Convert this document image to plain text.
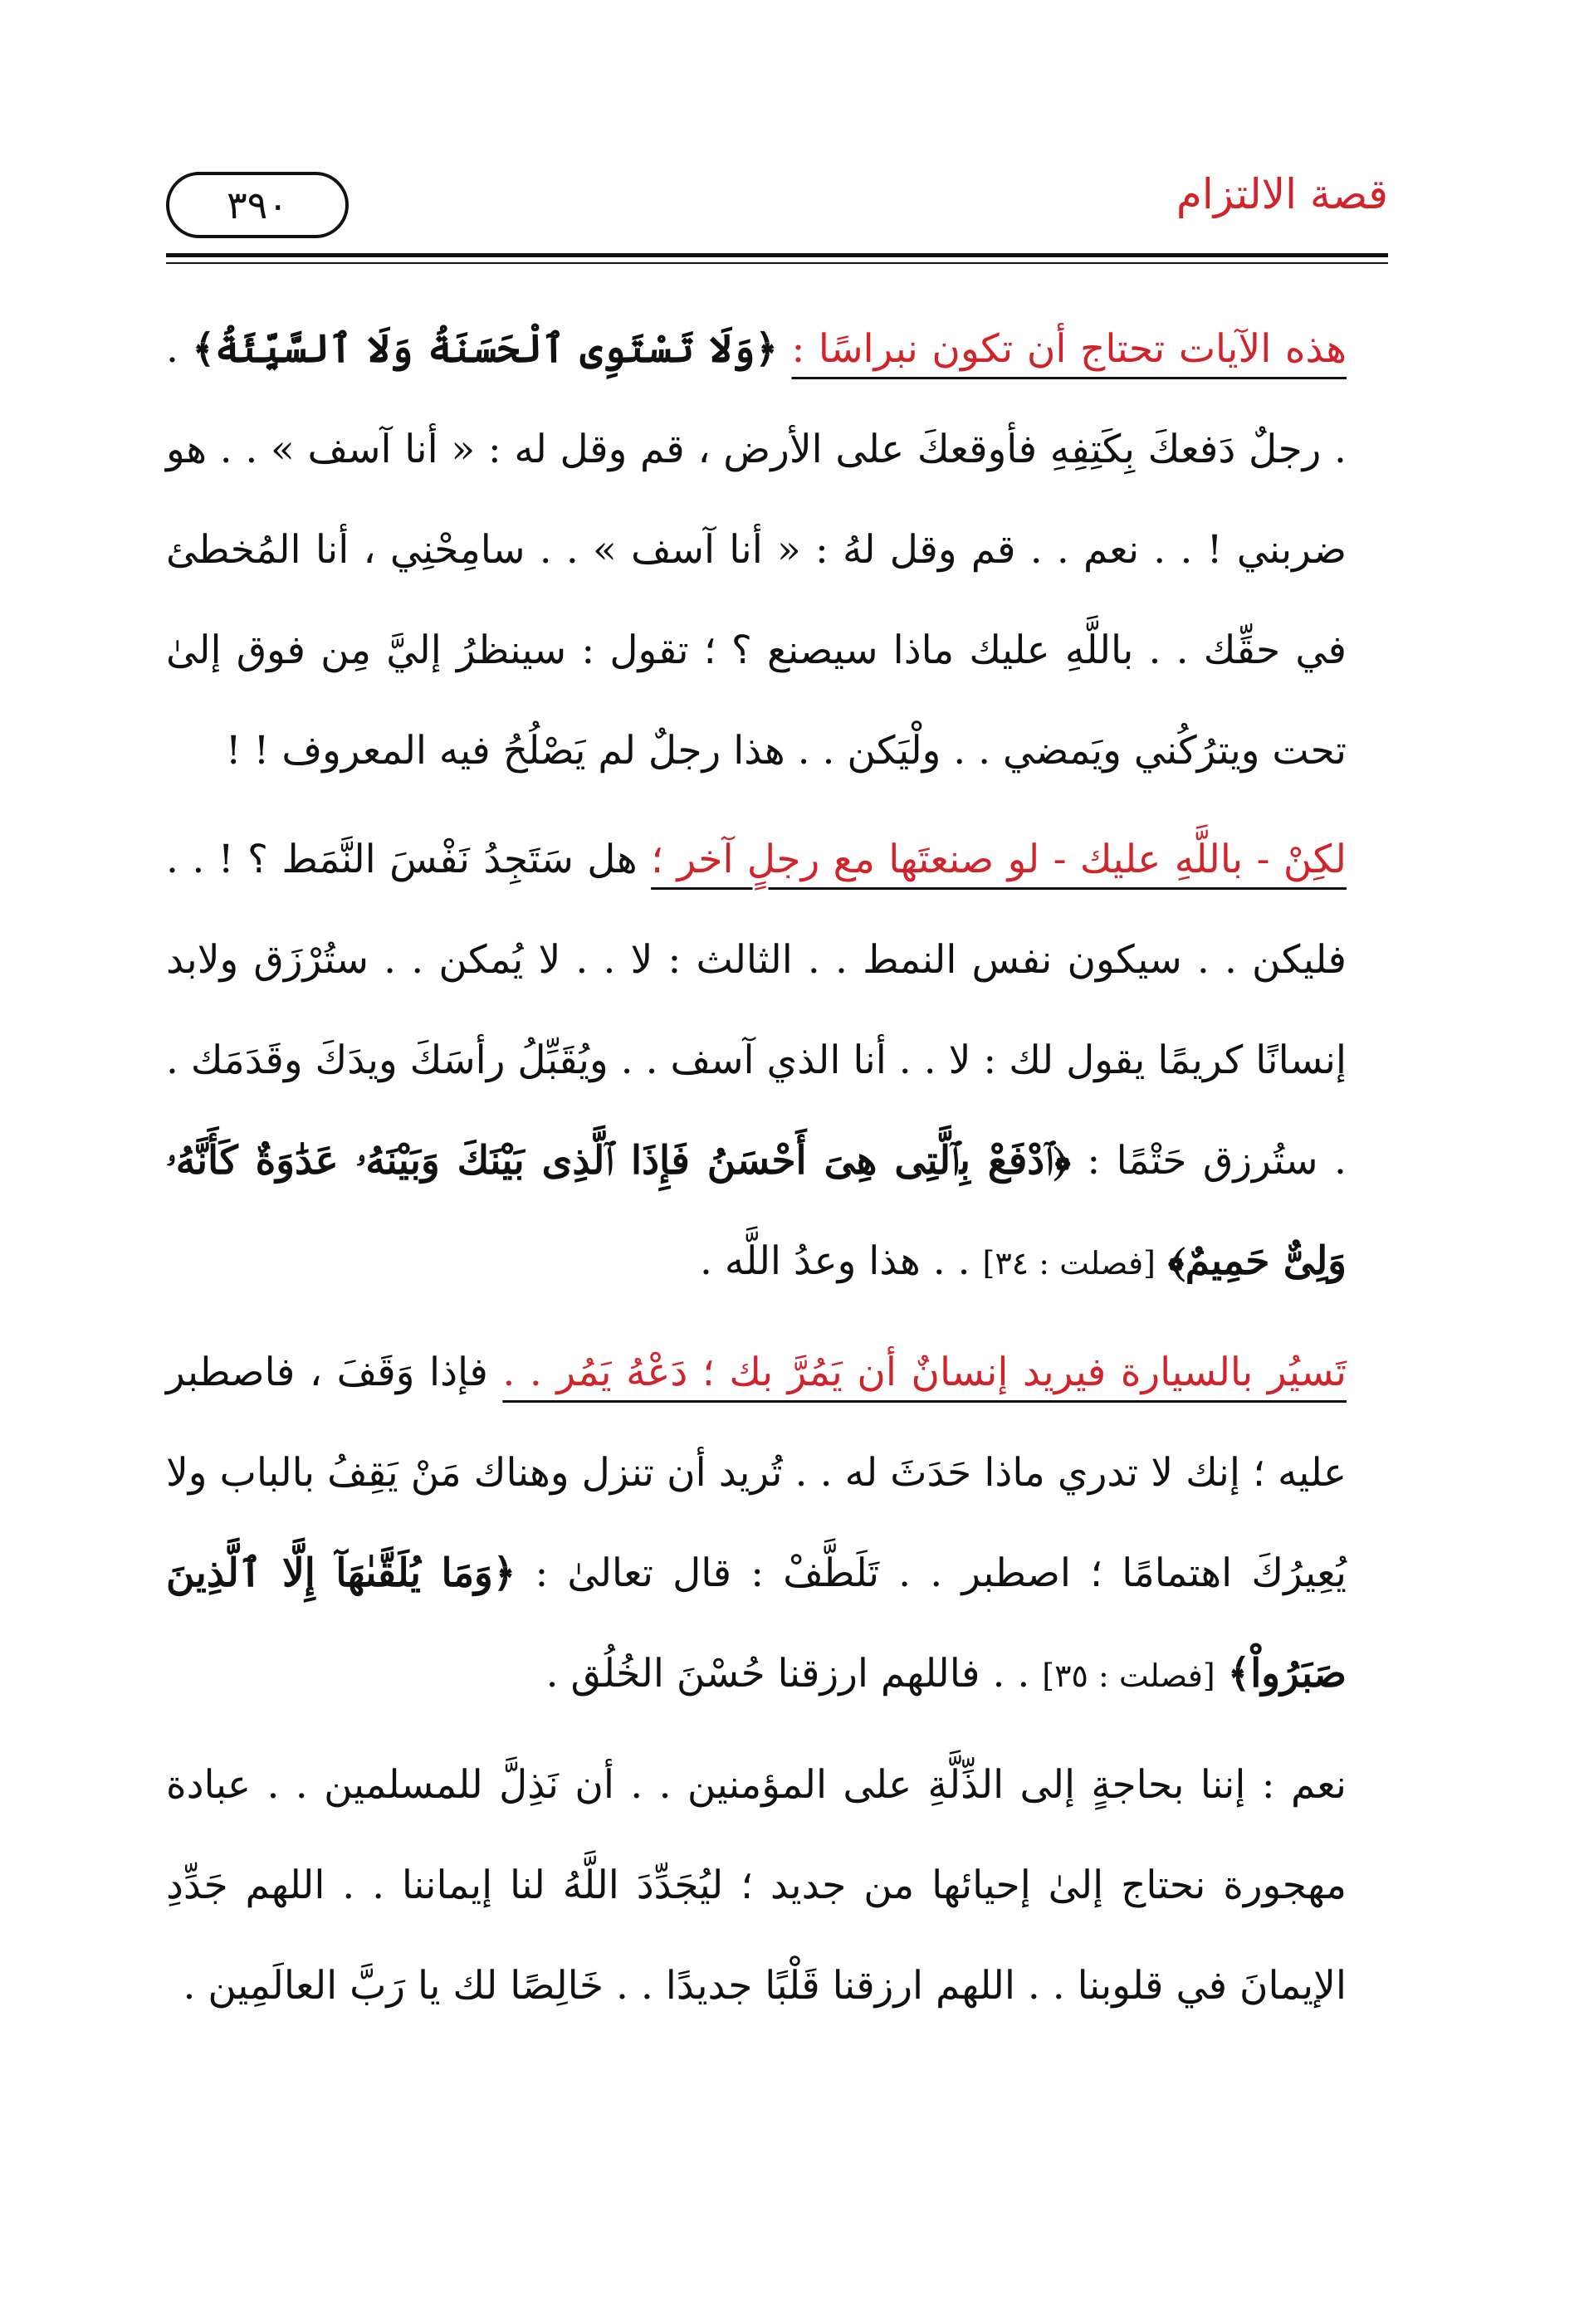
٣٩٠	قصة الالتزام

هذه الآيات تحتاج أن تكون نبراسًا : ﴿وَلَا تَسْتَوِى ٱلْحَسَنَةُ وَلَا ٱلسَّيِّئَةُ﴾ . . رجلٌ دَفعكَ بِكَتِفِهِ فأوقعكَ على الأرض ، قم وقل له : « أنا آسف » . . هو ضربني ! . . نعم . . قم وقل لهُ : « أنا آسف » . . سامِحْنِي ، أنا المُخطئ في حقِّك . . باللَّهِ عليك ماذا سيصنع ؟ ؛ تقول : سينظرُ إليَّ مِن فوق إلىٰ تحت ويترُكُني ويَمضي . . ولْيَكن . . هذا رجلٌ لم يَصْلُحُ فيه المعروف ! !

لكِنْ - باللَّهِ عليك - لو صنعتَها مع رجلٍ آخر ؛ هل سَتَجِدُ نَفْسَ النَّمَط ؟ ! . . فليكن . . سيكون نفس النمط . . الثالث : لا . . لا يُمكن . . ستُرْزَق ولابد إنسانًا كريمًا يقول لك : لا . . أنا الذي آسف . . ويُقَبِّلُ رأسَكَ ويدَكَ وقَدَمَك . . ستُرزق حَتْمًا : ﴿ٱدْفَعْ بِٱلَّتِى هِىَ أَحْسَنُ فَإِذَا ٱلَّذِى بَيْنَكَ وَبَيْنَهُۥ عَدَٰوَةٌ كَأَنَّهُۥ وَلِىٌّ حَمِيمٌ﴾ [فصلت : ٣٤] . . هذا وعدُ اللَّه .

تَسيُر بالسيارة فيريد إنسانٌ أن يَمُرَّ بك ؛ دَعْهُ يَمُر . . فإذا وَقَفَ ، فاصطبر عليه ؛ إنك لا تدري ماذا حَدَثَ له . . تُريد أن تنزل وهناك مَنْ يَقِفُ بالباب ولا يُعِيرُكَ اهتمامًا ؛ اصطبر . . تَلَطَّفْ : قال تعالىٰ : ﴿وَمَا يُلَقَّىٰهَآ إِلَّا ٱلَّذِينَ صَبَرُواْ﴾ [فصلت : ٣٥] . . فاللهم ارزقنا حُسْنَ الخُلُق .

نعم : إننا بحاجةٍ إلى الذِّلَّةِ على المؤمنين . . أن نَذِلَّ للمسلمين . . عبادة مهجورة نحتاج إلىٰ إحيائها من جديد ؛ ليُجَدِّدَ اللَّهُ لنا إيماننا . . اللهم جَدِّدِ الإيمانَ في قلوبنا . . اللهم ارزقنا قَلْبًا جديدًا . . خَالِصًا لك يا رَبَّ العالَمِين .
